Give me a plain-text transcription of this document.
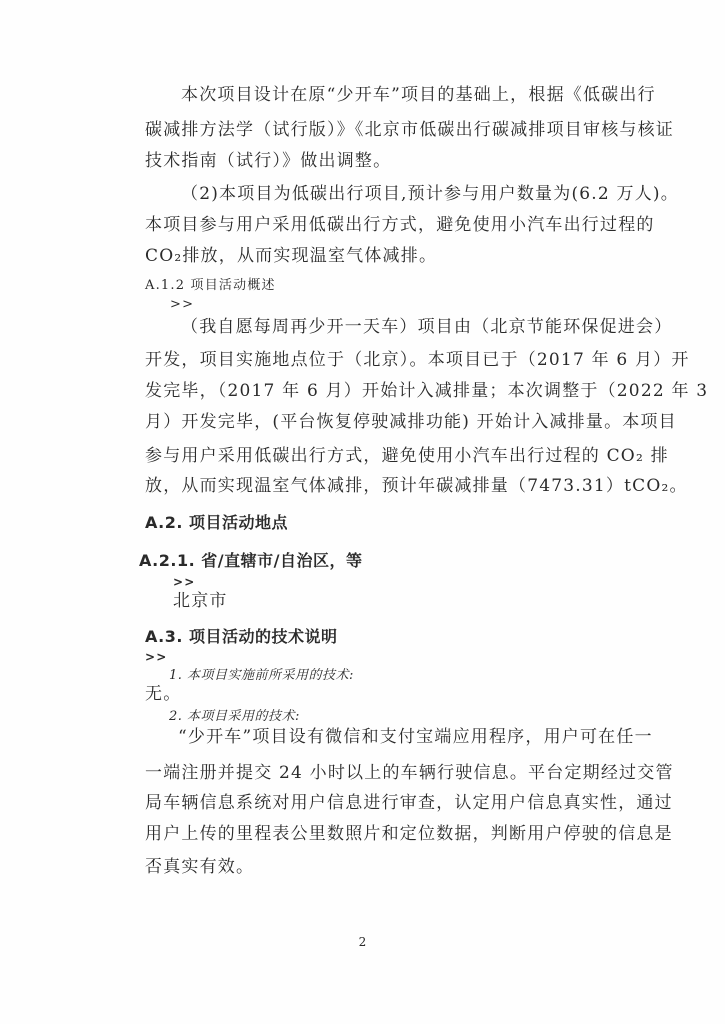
本次项目设计在原“少开车”项目的基础上，根据《低碳出行
碳减排方法学（试行版）》《北京市低碳出行碳减排项目审核与核证
技术指南（试行）》做出调整。
（2)本项目为低碳出行项目,预计参与用户数量为(6.2 万人)。
本项目参与用户采用低碳出行方式，避免使用小汽车出行过程的
CO₂排放，从而实现温室气体减排。
A.1.2 项目活动概述
>>
（我自愿每周再少开一天车）项目由（北京节能环保促进会）
开发，项目实施地点位于（北京）。本项目已于（2017 年 6 月）开
发完毕，（2017 年 6 月）开始计入减排量；本次调整于（2022 年 3
月）开发完毕，(平台恢复停驶减排功能) 开始计入减排量。本项目
参与用户采用低碳出行方式，避免使用小汽车出行过程的 CO₂ 排
放，从而实现温室气体减排，预计年碳减排量（7473.31）tCO₂。
A.2. 项目活动地点
A.2.1. 省/直辖市/自治区，等
>>
北京市
A.3. 项目活动的技术说明
>>
1. 本项目实施前所采用的技术:
无。
2. 本项目采用的技术:
“少开车”项目设有微信和支付宝端应用程序，用户可在任一
一端注册并提交 24 小时以上的车辆行驶信息。平台定期经过交管
局车辆信息系统对用户信息进行审查，认定用户信息真实性，通过
用户上传的里程表公里数照片和定位数据，判断用户停驶的信息是
否真实有效。
2
